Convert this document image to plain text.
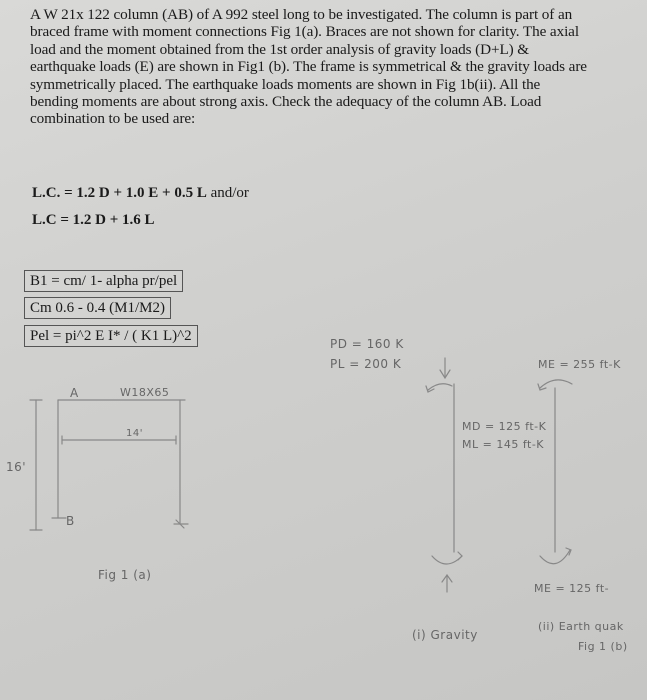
A W 21x 122 column (AB) of A 992 steel long to be investigated. The column is part of an braced frame with moment connections Fig 1(a). Braces are not shown for clarity. The axial load and the moment obtained from the 1st order analysis of gravity loads (D+L) & earthquake loads (E) are shown in Fig1 (b). The frame is symmetrical & the gravity loads are symmetrically placed. The earthquake loads moments are shown in Fig 1b(ii). All the bending moments are about strong axis. Check the adequacy of the column AB. Load combination to be used are:

L.C. = 1.2 D + 1.0 E + 0.5 L and/or
L.C = 1.2 D + 1.6 L
B1 = cm/ 1- alpha pr/pel
Cm 0.6 - 0.4 (M1/M2)
Pel = pi^2 E I* / ( K1 L)^2
A	W18X65
14'
16'
B
Fig 1 (a)
PD = 160 K
PL = 200 K
MD = 125 ft-K
ML = 145 ft-K
ME = 255 ft-K
ME = 125 ft-
(i) Gravity
(ii) Earth quak
Fig 1 (b)
